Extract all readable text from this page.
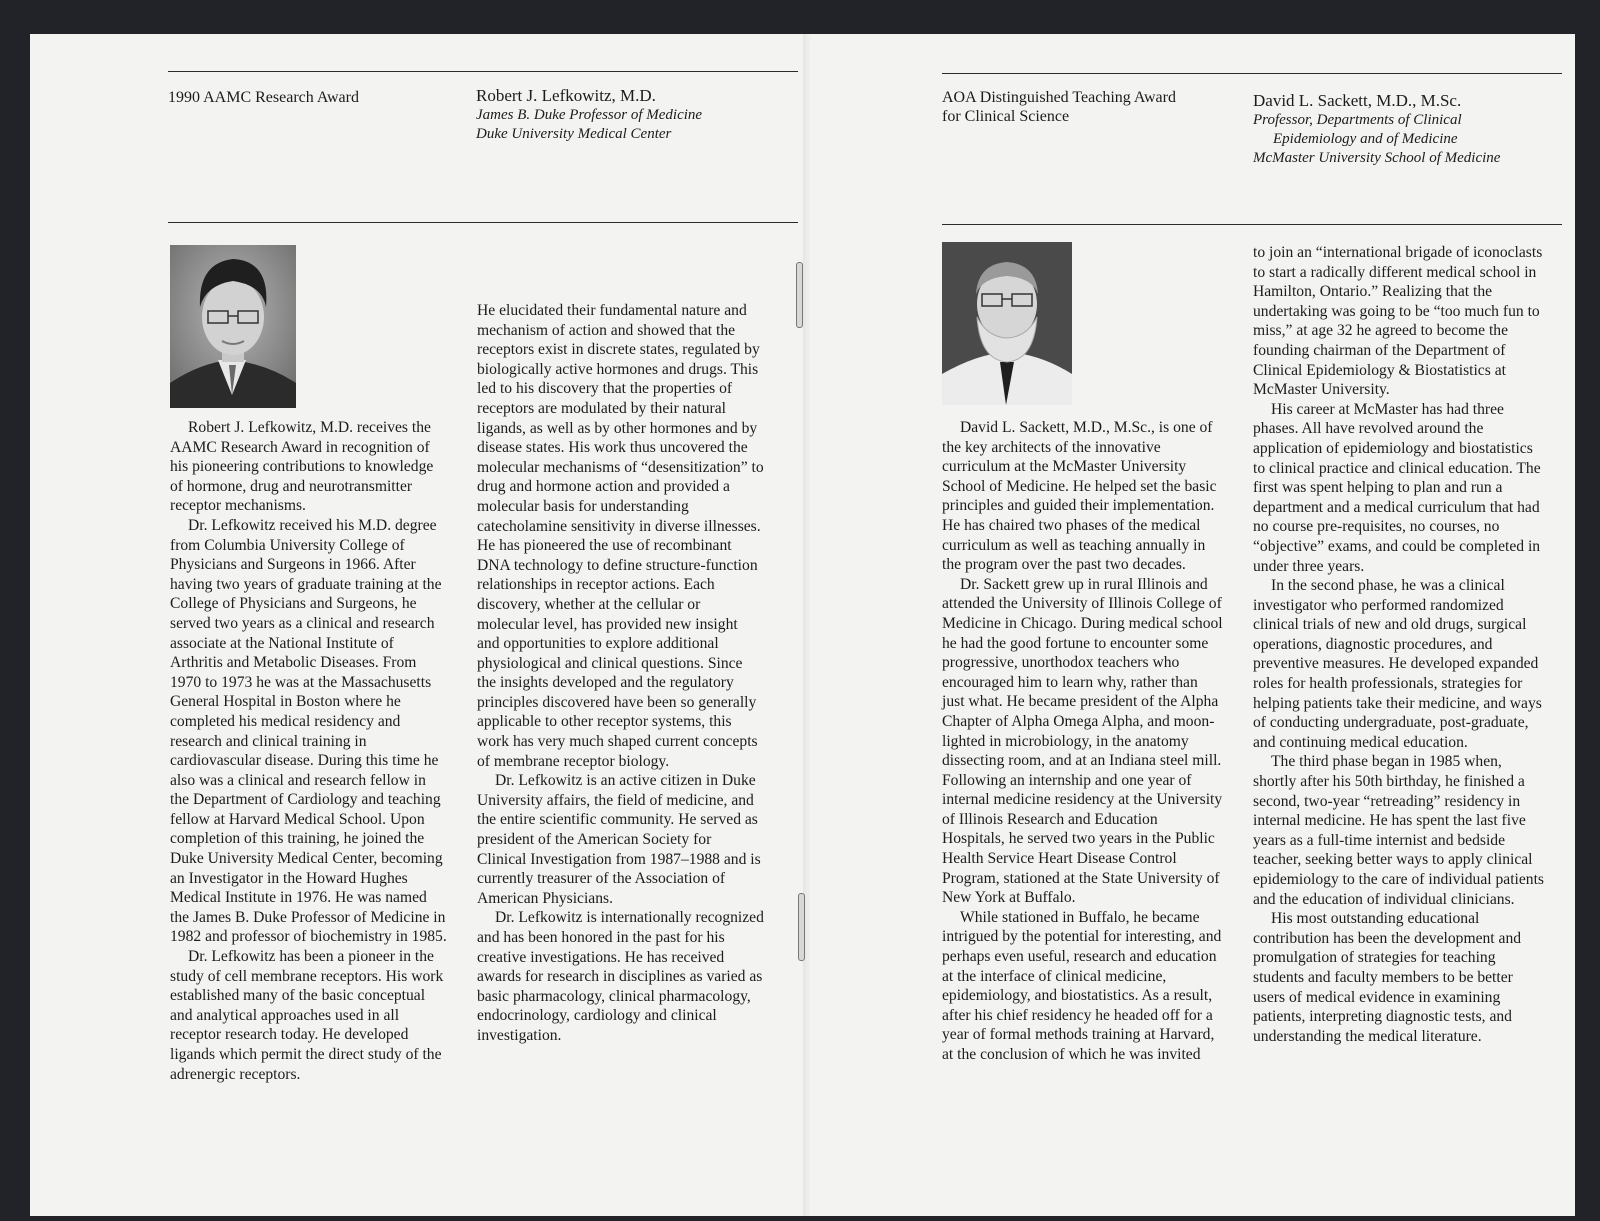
1990 AAMC Research Award	Robert J. Lefkowitz, M.D.
James B. Duke Professor of Medicine
Duke University Medical Center

Robert J. Lefkowitz, M.D. receives the AAMC Research Award in recognition of his pioneering contributions to knowledge of hormone, drug and neurotransmitter receptor mechanisms.

Dr. Lefkowitz received his M.D. degree from Columbia University College of Physicians and Surgeons in 1966. After having two years of graduate training at the College of Physicians and Surgeons, he served two years as a clinical and research associate at the National Institute of Arthritis and Metabolic Diseases. From 1970 to 1973 he was at the Massachusetts General Hospital in Boston where he completed his medical residency and research and clinical training in cardiovascular disease. During this time he also was a clinical and research fellow in the Department of Cardiology and teaching fellow at Harvard Medical School. Upon completion of this training, he joined the Duke University Medical Center, becoming an Investigator in the Howard Hughes Medical Institute in 1976. He was named the James B. Duke Professor of Medicine in 1982 and professor of biochemistry in 1985.

Dr. Lefkowitz has been a pioneer in the study of cell membrane receptors. His work established many of the basic conceptual and analytical approaches used in all receptor research today. He developed ligands which permit the direct study of the adrenergic receptors.

He elucidated their fundamental nature and mechanism of action and showed that the receptors exist in discrete states, regulated by biologically active hormones and drugs. This led to his discovery that the properties of receptors are modulated by their natural ligands, as well as by other hormones and by disease states. His work thus uncovered the molecular mechanisms of “desensitization” to drug and hormone action and provided a molecular basis for understanding catecholamine sensitivity in diverse illnesses. He has pioneered the use of recombinant DNA technology to define structure-function relationships in receptor actions. Each discovery, whether at the cellular or molecular level, has provided new insight and opportunities to explore additional physiological and clinical questions. Since the insights developed and the regulatory principles discovered have been so generally applicable to other receptor systems, this work has very much shaped current concepts of membrane receptor biology.

Dr. Lefkowitz is an active citizen in Duke University affairs, the field of medicine, and the entire scientific community. He served as president of the American Society for Clinical Investigation from 1987–1988 and is currently treasurer of the Association of American Physicians.

Dr. Lefkowitz is internationally recognized and has been honored in the past for his creative investigations. He has received awards for research in disciplines as varied as basic pharmacology, clinical pharmacology, endocrinology, cardiology and clinical investigation.

AOA Distinguished Teaching Award
for Clinical Science
David L. Sackett, M.D., M.Sc.
Professor, Departments of Clinical
Epidemiology and of Medicine
McMaster University School of Medicine

David L. Sackett, M.D., M.Sc., is one of the key architects of the innovative curriculum at the McMaster University School of Medicine. He helped set the basic principles and guided their implementation. He has chaired two phases of the medical curriculum as well as teaching annually in the program over the past two decades.

Dr. Sackett grew up in rural Illinois and attended the University of Illinois College of Medicine in Chicago. During medical school he had the good fortune to encounter some progressive, unorthodox teachers who encouraged him to learn why, rather than just what. He became president of the Alpha Chapter of Alpha Omega Alpha, and moon-lighted in microbiology, in the anatomy dissecting room, and at an Indiana steel mill. Following an internship and one year of internal medicine residency at the University of Illinois Research and Education Hospitals, he served two years in the Public Health Service Heart Disease Control Program, stationed at the State University of New York at Buffalo.

While stationed in Buffalo, he became intrigued by the potential for interesting, and perhaps even useful, research and education at the interface of clinical medicine, epidemiology, and biostatistics. As a result, after his chief residency he headed off for a year of formal methods training at Harvard, at the conclusion of which he was invited

to join an “international brigade of iconoclasts to start a radically different medical school in Hamilton, Ontario.” Realizing that the undertaking was going to be “too much fun to miss,” at age 32 he agreed to become the founding chairman of the Department of Clinical Epidemiology & Biostatistics at McMaster University.

His career at McMaster has had three phases. All have revolved around the application of epidemiology and biostatistics to clinical practice and clinical education. The first was spent helping to plan and run a department and a medical curriculum that had no course pre-requisites, no courses, no “objective” exams, and could be completed in under three years.

In the second phase, he was a clinical investigator who performed randomized clinical trials of new and old drugs, surgical operations, diagnostic procedures, and preventive measures. He developed expanded roles for health professionals, strategies for helping patients take their medicine, and ways of conducting undergraduate, post-graduate, and continuing medical education.

The third phase began in 1985 when, shortly after his 50th birthday, he finished a second, two-year “retreading” residency in internal medicine. He has spent the last five years as a full-time internist and bedside teacher, seeking better ways to apply clinical epidemiology to the care of individual patients and the education of individual clinicians.

His most outstanding educational contribution has been the development and promulgation of strategies for teaching students and faculty members to be better users of medical evidence in examining patients, interpreting diagnostic tests, and understanding the medical literature.
